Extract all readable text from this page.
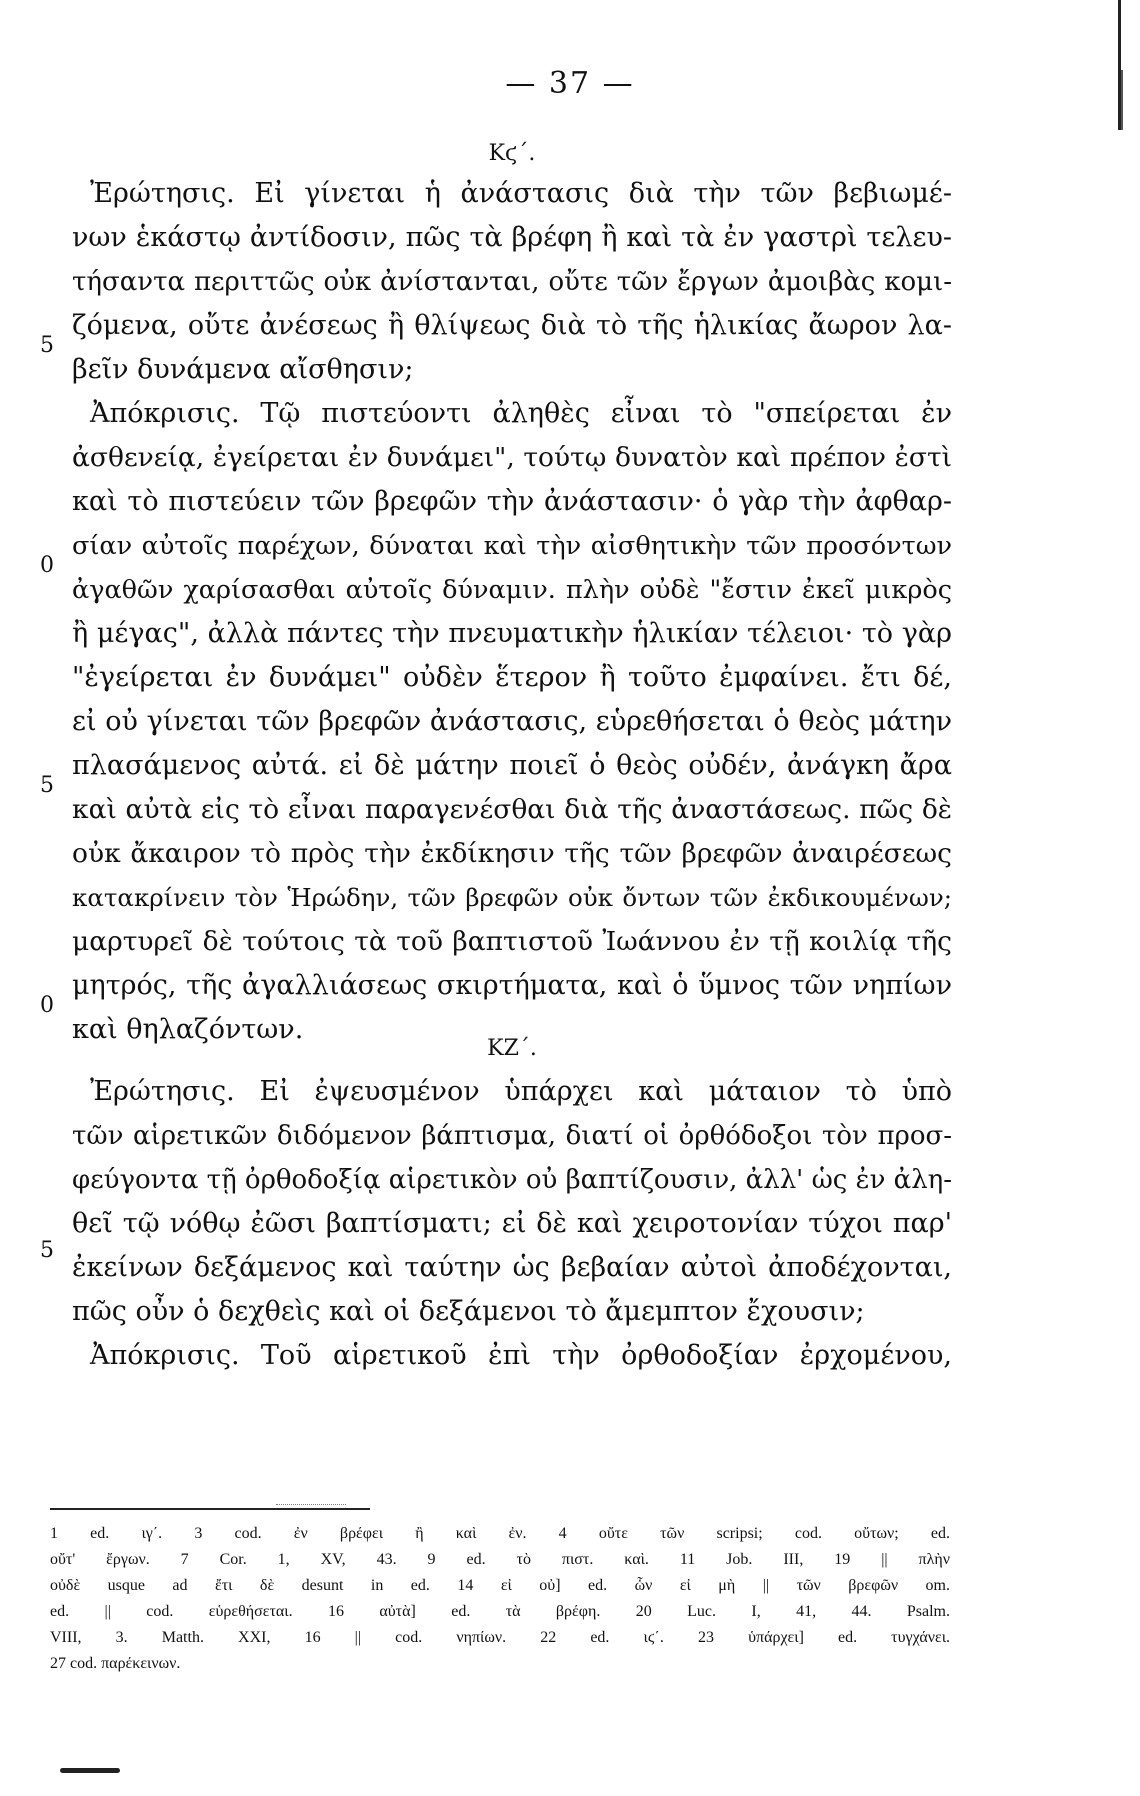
— 37 —
5
0
5
0
5
Κϛ΄.
Ἐρώτησις. Εἰ γίνεται ἡ ἀνάστασις διὰ τὴν τῶν βεβιωμέ-
νων ἑκάστῳ ἀντίδοσιν, πῶς τὰ βρέφη ἢ καὶ τὰ ἐν γαστρὶ τελευ-
τήσαντα περιττῶς οὐκ ἀνίστανται, οὔτε τῶν ἔργων ἀμοιβὰς κομι-
ζόμενα, οὔτε ἀνέσεως ἢ θλίψεως διὰ τὸ τῆς ἡλικίας ἄωρον λα-
βεῖν δυνάμενα αἴσθησιν;
Ἀπόκρισις. Τῷ πιστεύοντι ἀληθὲς εἶναι τὸ "σπείρεται ἐν
ἀσθενείᾳ, ἐγείρεται ἐν δυνάμει", τούτῳ δυνατὸν καὶ πρέπον ἐστὶ
καὶ τὸ πιστεύειν τῶν βρεφῶν τὴν ἀνάστασιν· ὁ γὰρ τὴν ἀφθαρ-
σίαν αὐτοῖς παρέχων, δύναται καὶ τὴν αἰσθητικὴν τῶν προσόντων
ἀγαθῶν χαρίσασθαι αὐτοῖς δύναμιν. πλὴν οὐδὲ "ἔστιν ἐκεῖ μικρὸς
ἢ μέγας", ἀλλὰ πάντες τὴν πνευματικὴν ἡλικίαν τέλειοι· τὸ γὰρ
"ἐγείρεται ἐν δυνάμει" οὐδὲν ἕτερον ἢ τοῦτο ἐμφαίνει. ἔτι δέ,
εἰ οὐ γίνεται τῶν βρεφῶν ἀνάστασις, εὑρεθήσεται ὁ θεὸς μάτην
πλασάμενος αὐτά. εἰ δὲ μάτην ποιεῖ ὁ θεὸς οὐδέν, ἀνάγκη ἄρα
καὶ αὐτὰ εἰς τὸ εἶναι παραγενέσθαι διὰ τῆς ἀναστάσεως. πῶς δὲ
οὐκ ἄκαιρον τὸ πρὸς τὴν ἐκδίκησιν τῆς τῶν βρεφῶν ἀναιρέσεως
κατακρίνειν τὸν Ἡρώδην, τῶν βρεφῶν οὐκ ὄντων τῶν ἐκδικουμένων;
μαρτυρεῖ δὲ τούτοις τὰ τοῦ βαπτιστοῦ Ἰωάννου ἐν τῇ κοιλίᾳ τῆς
μητρός, τῆς ἀγαλλιάσεως σκιρτήματα, καὶ ὁ ὕμνος τῶν νηπίων
καὶ θηλαζόντων.
ΚΖ΄.
Ἐρώτησις. Εἰ ἐψευσμένον ὑπάρχει καὶ μάταιον τὸ ὑπὸ
τῶν αἱρετικῶν διδόμενον βάπτισμα, διατί οἱ ὀρθόδοξοι τὸν προσ-
φεύγοντα τῇ ὀρθοδοξίᾳ αἱρετικὸν οὐ βαπτίζουσιν, ἀλλ' ὡς ἐν ἀλη-
θεῖ τῷ νόθῳ ἐῶσι βαπτίσματι; εἰ δὲ καὶ χειροτονίαν τύχοι παρ'
ἐκείνων δεξάμενος καὶ ταύτην ὡς βεβαίαν αὐτοὶ ἀποδέχονται,
πῶς οὖν ὁ δεχθεὶς καὶ οἱ δεξάμενοι τὸ ἄμεμπτον ἔχουσιν;
Ἀπόκρισις. Τοῦ αἱρετικοῦ ἐπὶ τὴν ὀρθοδοξίαν ἐρχομένου,
1 ed. ιγ΄. 3 cod. ἐν βρέφει ἢ καὶ ἐν. 4 οὔτε τῶν scripsi; cod. οὔτων; ed.
οὔτ' ἔργων. 7 Cor. 1, XV, 43. 9 ed. τὸ πιστ. καὶ. 11 Job. III, 19 || πλὴν
οὐδὲ usque ad ἔτι δὲ desunt in ed. 14 εἰ οὐ] ed. ὧν εἰ μὴ || τῶν βρεφῶν om.
ed. || cod. εὑρεθήσεται. 16 αὐτὰ] ed. τὰ βρέφη. 20 Luc. I, 41, 44. Psalm.
VIII, 3. Matth. XXI, 16 || cod. νηπίων. 22 ed. ιϛ΄. 23 ὑπάρχει] ed. τυγχάνει.
27 cod. παρέκεινων.
